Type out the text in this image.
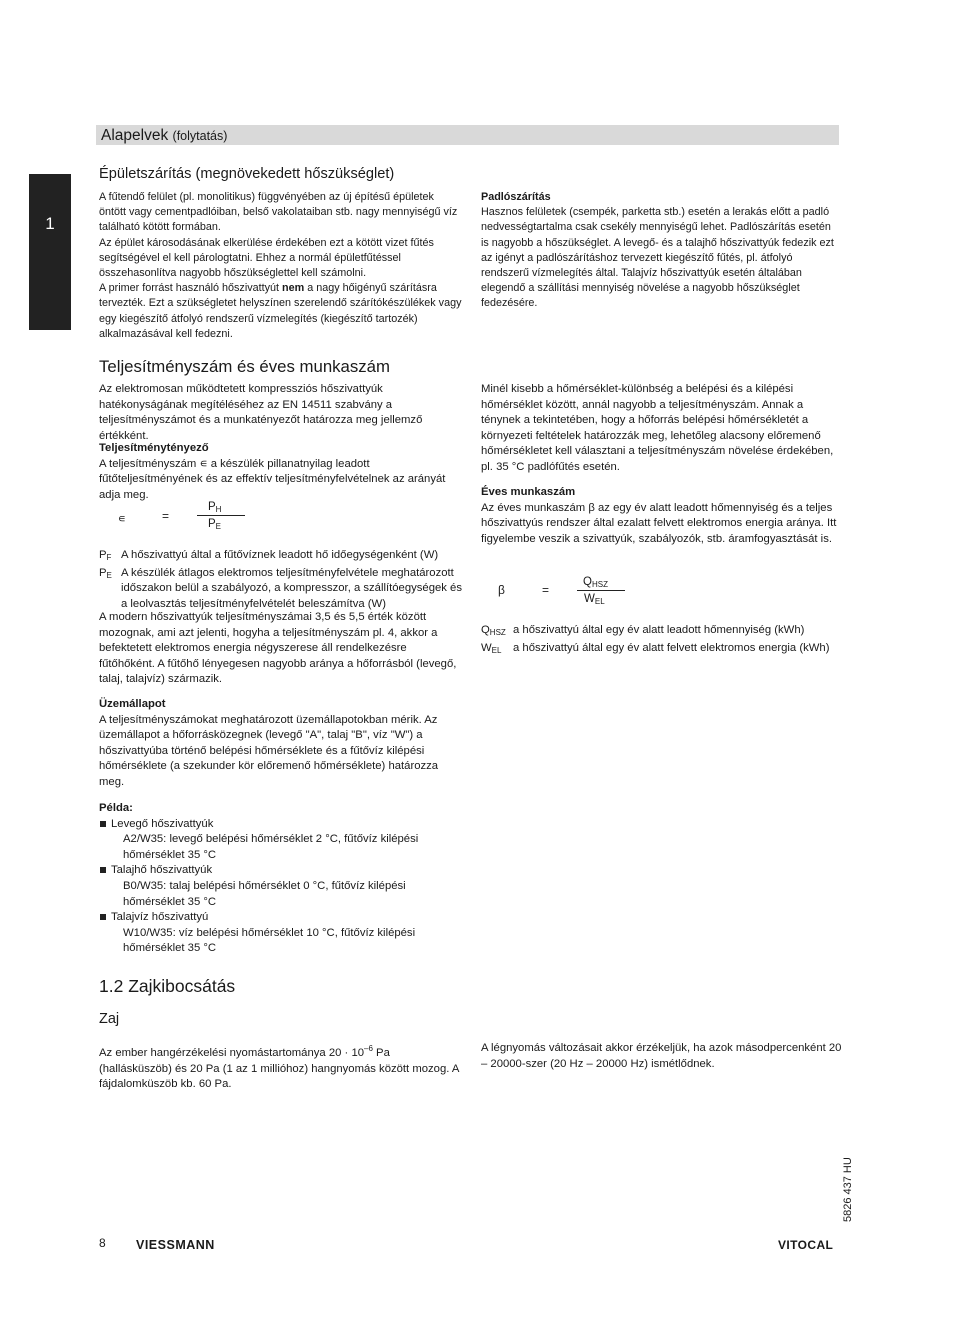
1
Alapelvek (folytatás)
Épületszárítás (megnövekedett hőszükséglet)

A fűtendő felület (pl. monolitikus) függvényében az új építésű épületek öntött vagy cementpadlóiban, belső vakolataiban stb. nagy mennyiségű víz található kötött formában.

Az épület károsodásának elkerülése érdekében ezt a kötött vizet fűtés segítségével el kell párologtatni. Ehhez a normál épületfűtéssel összehasonlítva nagyobb hőszükséglettel kell számolni.

A primer forrást használó hőszivattyút nem a nagy hőigényű szárításra tervezték. Ezt a szükségletet helyszínen szerelendő szárítókészülékek vagy egy kiegészítő átfolyó rendszerű vízmelegítés (kiegészítő tartozék) alkalmazásával kell fedezni.

Padlószárítás

Hasznos felületek (csempék, parketta stb.) esetén a lerakás előtt a padló nedvességtartalma csak csekély mennyiségű lehet. Padlószárítás esetén is nagyobb a hőszükséglet. A levegő- és a talajhő hőszivattyúk fedezik ezt az igényt a padlószárításhoz tervezett kiegészítő fűtés, pl. átfolyó rendszerű vízmelegítés által. Talajvíz hőszivattyúk esetén általában elegendő a szállítási mennyiség növelése a nagyobb hőszükséglet fedezésére.

Teljesítményszám és éves munkaszám
Az elektromosan működtetett kompressziós hőszivattyúk hatékonyságának megítéléséhez az EN 14511 szabvány a teljesítményszámot és a munkatényezőt határozza meg jellemző értékként.

Teljesítménytényező

A teljesítményszám ∊ a készülék pillanatnyilag leadott fűtőteljesítményének és az effektív teljesítményfelvételnek az arányát adja meg.

∊	=
PH
PE
PF A hőszivattyú által a fűtővíznek leadott hő időegységenként (W)
PE A készülék átlagos elektromos teljesítményfelvétele meghatározott időszakon belül a szabályozó, a kompresszor, a szállítóegységek és a leolvasztás teljesítményfelvételét beleszámítva (W)
A modern hőszivattyúk teljesítményszámai 3,5 és 5,5 érték között mozognak, ami azt jelenti, hogyha a teljesítményszám pl. 4, akkor a befektetett elektromos energia négyszerese áll rendelkezésre fűtőhőként. A fűtőhő lényegesen nagyobb aránya a hőforrásból (levegő, talaj, talajvíz) származik.
Minél kisebb a hőmérséklet-különbség a belépési és a kilépési hőmérséklet között, annál nagyobb a teljesítményszám. Annak a ténynek a tekintetében, hogy a hőforrás belépési hőmérsékletét a környezeti feltételek határozzák meg, lehetőleg alacsony előremenő hőmérsékletet kell választani a teljesítményszám növelése érdekében, pl. 35 °C padlófűtés esetén.

Éves munkaszám

Az éves munkaszám β az egy év alatt leadott hőmennyiség és a teljes hőszivattyús rendszer által ezalatt felvett elektromos energia aránya. Itt figyelembe veszik a szivattyúk, szabályozók, stb. áramfogyasztását is.

β	=
QHSZ
WEL
QHSZ a hőszivattyú által egy év alatt leadott hőmennyiség (kWh)
WEL	a hőszivattyú által egy év alatt felvett elektromos energia (kWh)

Üzemállapot

A teljesítményszámokat meghatározott üzemállapotokban mérik. Az üzemállapot a hőforrásközegnek (levegő "A", talaj "B", víz "W") a hőszivattyúba történő belépési hőmérséklete és a fűtővíz kilépési hőmérséklete (a szekunder kör előremenő hőmérséklete) határozza meg.

Példa:

Levegő hőszivattyúk
A2/W35: levegő belépési hőmérséklet 2 °C, fűtővíz kilépési hőmérséklet 35 °C
Talajhő hőszivattyúk
B0/W35: talaj belépési hőmérséklet 0 °C, fűtővíz kilépési hőmérséklet 35 °C
Talajvíz hőszivattyú
W10/W35: víz belépési hőmérséklet 10 °C, fűtővíz kilépési hőmérséklet 35 °C
1.2 Zajkibocsátás
Zaj
Az ember hangérzékelési nyomástartománya $20 \cdot 10^{-6}$ Pa (hallásküszöb) és 20 Pa (1 az 1 millióhoz) hangnyomás között mozog. A fájdalomküszöb kb. 60 Pa.
A légnyomás változásait akkor érzékeljük, ha azok másodpercenként 20 – 20000-szer (20 Hz – 20000 Hz) ismétlődnek.
8 VIESSMANN	VITOCAL
5826 437 HU
